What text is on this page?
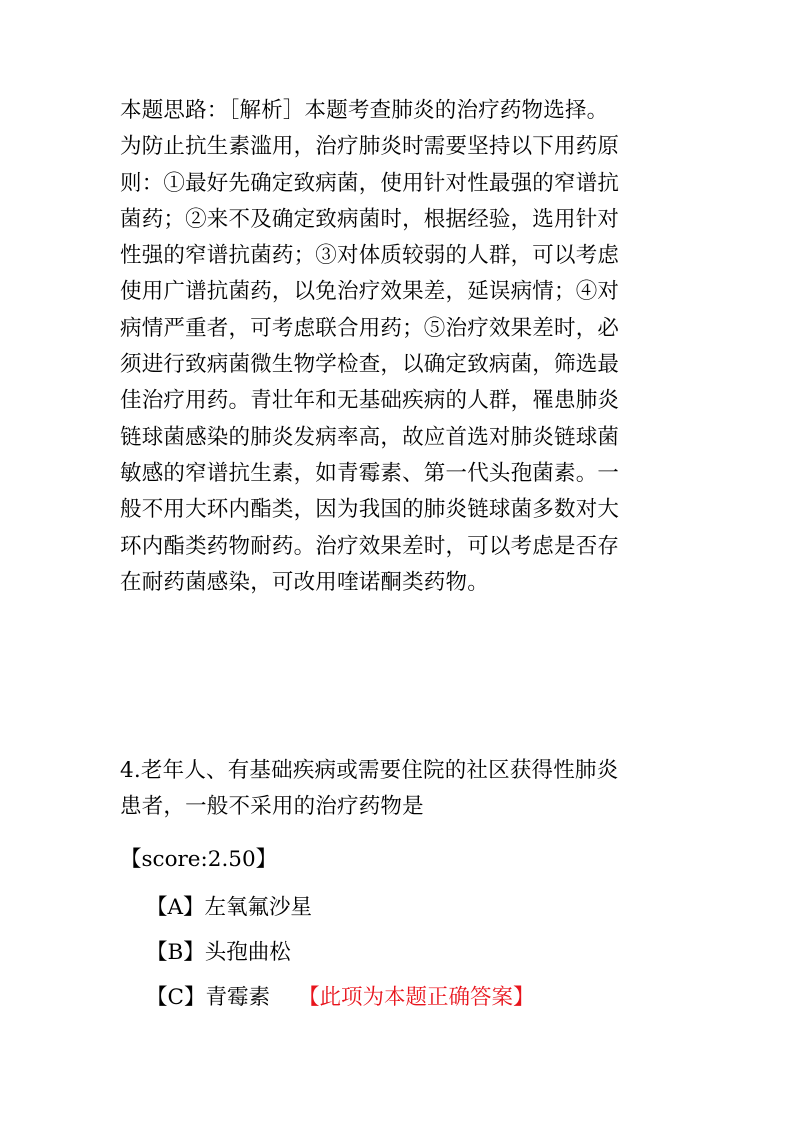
本题思路：［解析］本题考查肺炎的治疗药物选择。
为防止抗生素滥用，治疗肺炎时需要坚持以下用药原
则：①最好先确定致病菌，使用针对性最强的窄谱抗
菌药；②来不及确定致病菌时，根据经验，选用针对
性强的窄谱抗菌药；③对体质较弱的人群，可以考虑
使用广谱抗菌药，以免治疗效果差，延误病情；④对
病情严重者，可考虑联合用药；⑤治疗效果差时，必
须进行致病菌微生物学检查，以确定致病菌，筛选最
佳治疗用药。青壮年和无基础疾病的人群，罹患肺炎
链球菌感染的肺炎发病率高，故应首选对肺炎链球菌
敏感的窄谱抗生素，如青霉素、第一代头孢菌素。一
般不用大环内酯类，因为我国的肺炎链球菌多数对大
环内酯类药物耐药。治疗效果差时，可以考虑是否存
在耐药菌感染，可改用喹诺酮类药物。
4.老年人、有基础疾病或需要住院的社区获得性肺炎
患者，一般不采用的治疗药物是
【score:2.50】
【A】左氧氟沙星
【B】头孢曲松
【C】青霉素 【此项为本题正确答案】
